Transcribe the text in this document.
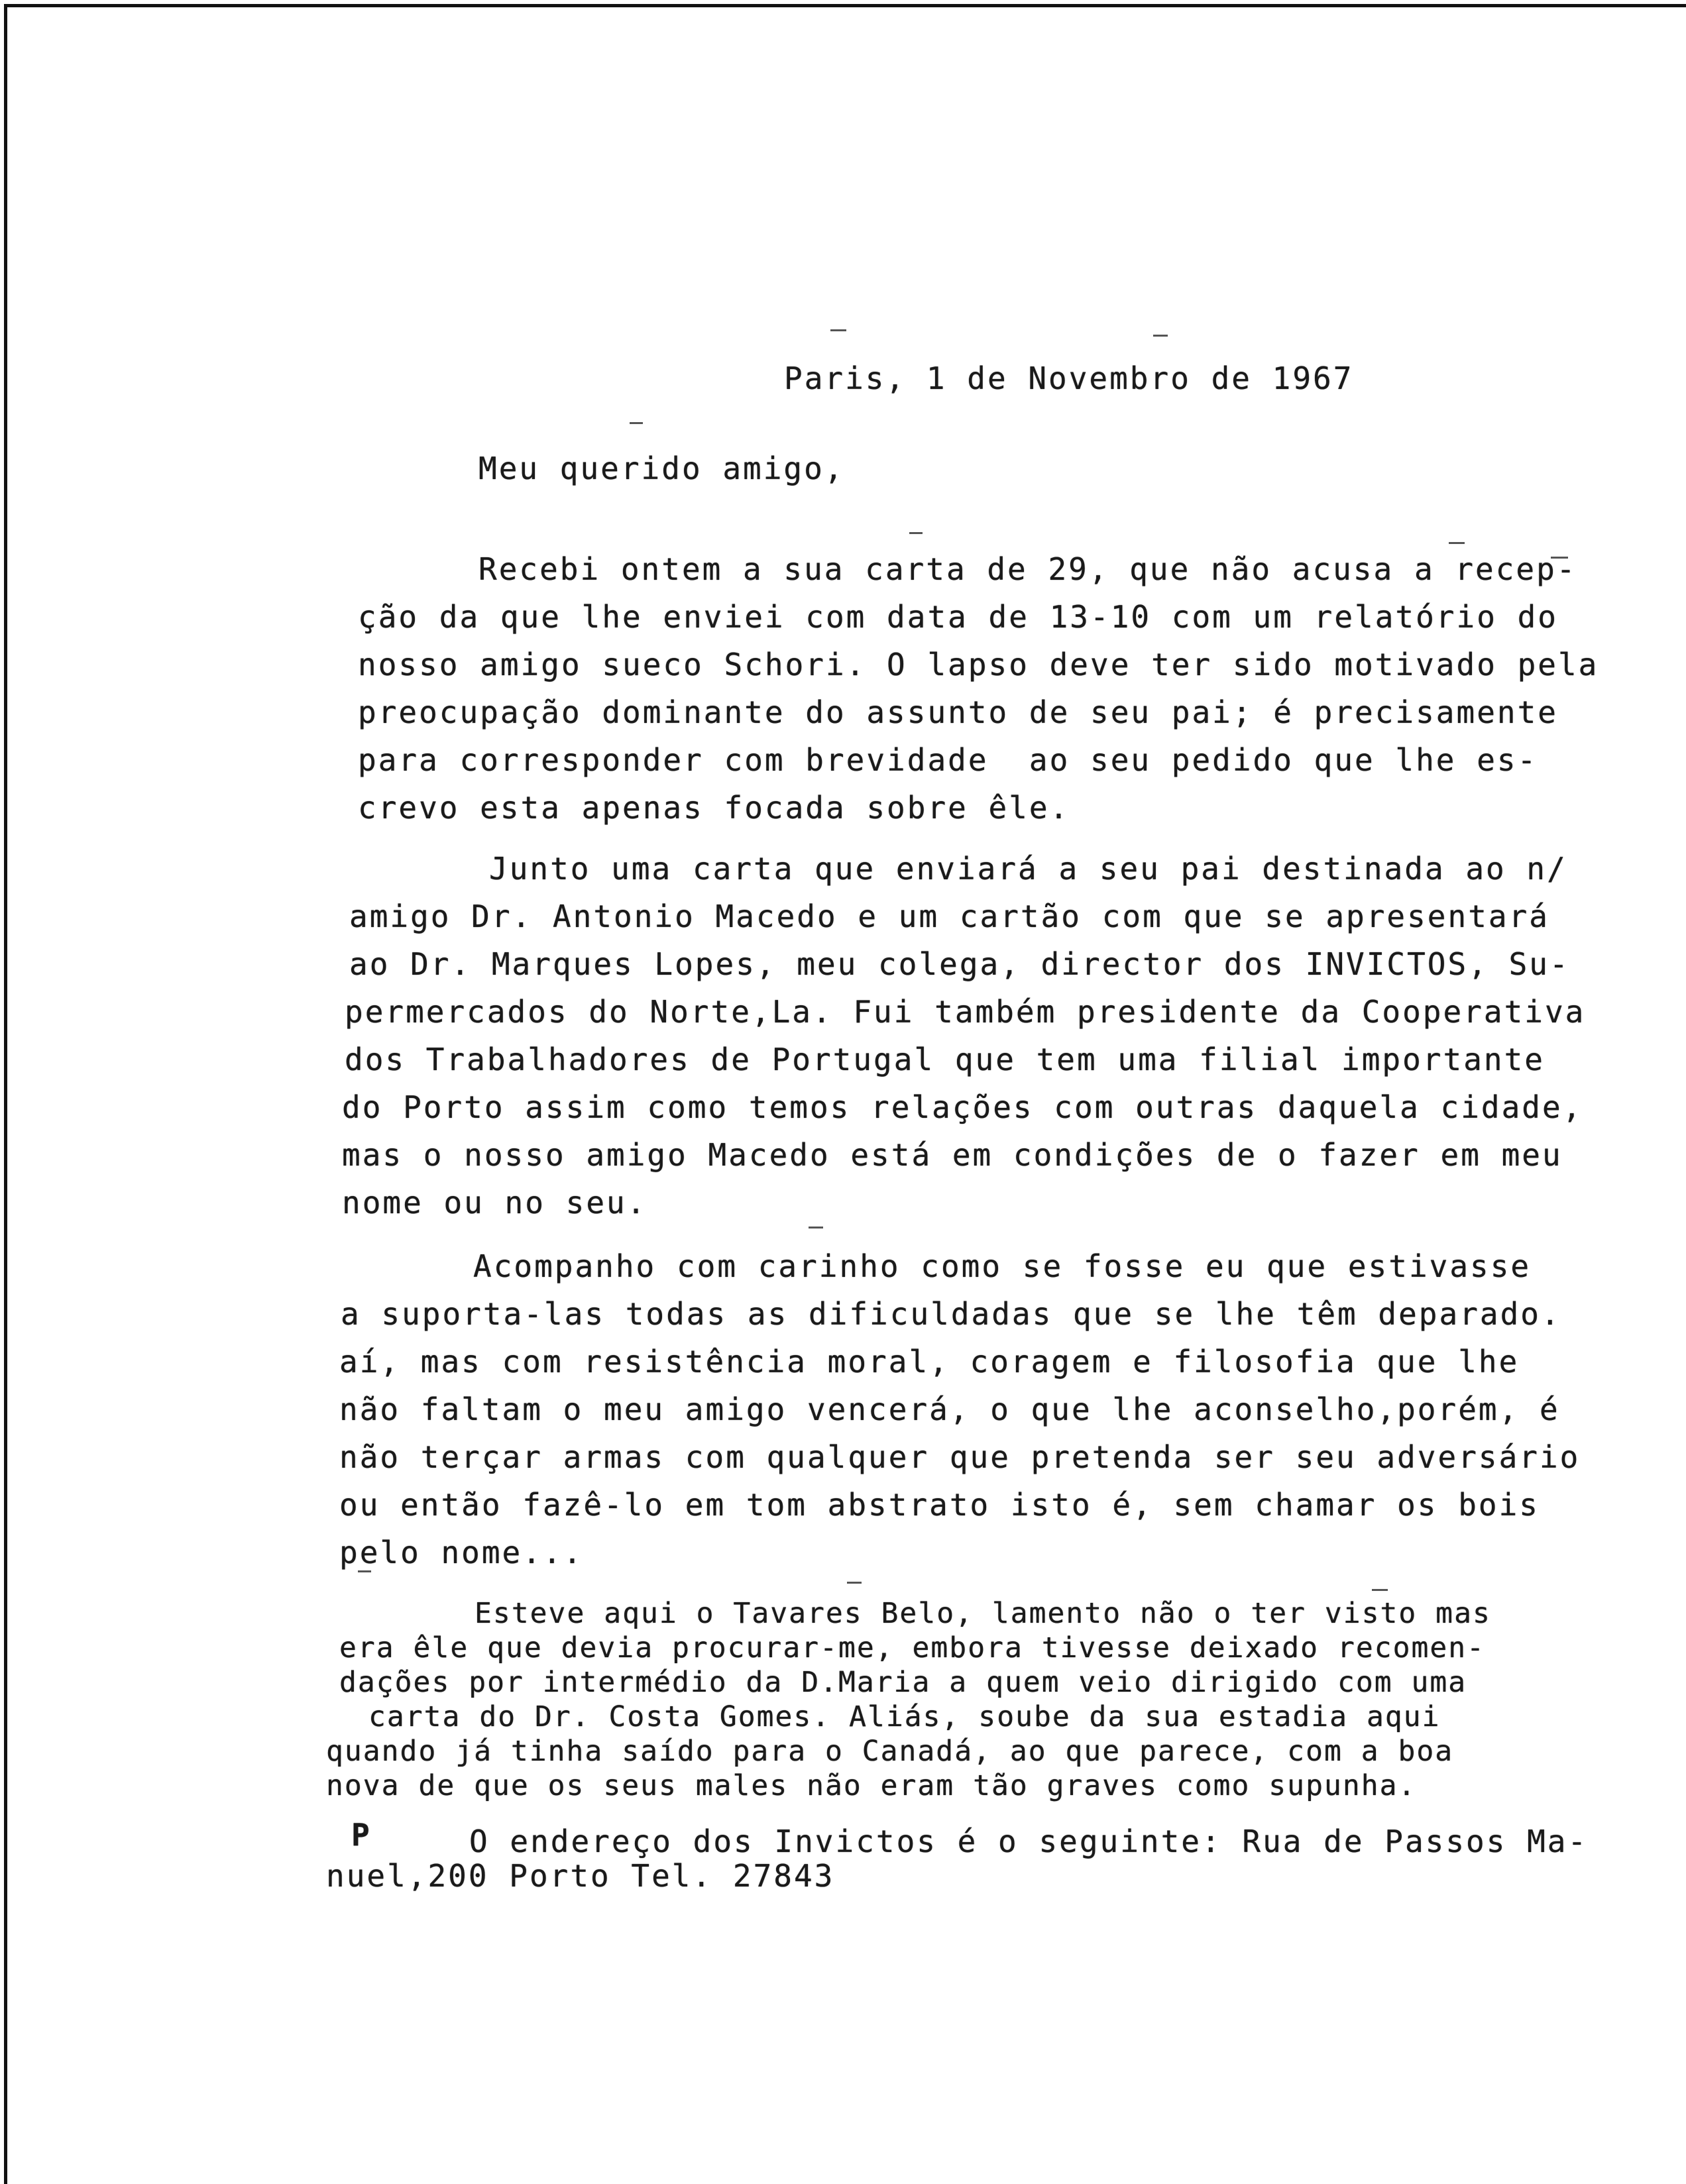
Paris, 1 de Novembro de 1967
Meu querido amigo,
Recebi ontem a sua carta de 29, que não acusa a recep-
ção da que lhe enviei com data de 13-10 com um relatório do
nosso amigo sueco Schori. O lapso deve ter sido motivado pela
preocupação dominante do assunto de seu pai; é precisamente
para corresponder com brevidade  ao seu pedido que lhe es-
crevo esta apenas focada sobre êle.
Junto uma carta que enviará a seu pai destinada ao n/
amigo Dr. Antonio Macedo e um cartão com que se apresentará
ao Dr. Marques Lopes, meu colega, director dos INVICTOS, Su-
permercados do Norte,La. Fui também presidente da Cooperativa
dos Trabalhadores de Portugal que tem uma filial importante
do Porto assim como temos relações com outras daquela cidade,
mas o nosso amigo Macedo está em condições de o fazer em meu
nome ou no seu.
Acompanho com carinho como se fosse eu que estivasse
a suporta-las todas as dificuldadas que se lhe têm deparado.
aí, mas com resistência moral, coragem e filosofia que lhe
não faltam o meu amigo vencerá, o que lhe aconselho,porém, é
não terçar armas com qualquer que pretenda ser seu adversário
ou então fazê-lo em tom abstrato isto é, sem chamar os bois
pelo nome...
Esteve aqui o Tavares Belo, lamento não o ter visto mas
era êle que devia procurar-me, embora tivesse deixado recomen-
dações por intermédio da D.Maria a quem veio dirigido com uma
carta do Dr. Costa Gomes. Aliás, soube da sua estadia aqui
quando já tinha saído para o Canadá, ao que parece, com a boa
nova de que os seus males não eram tão graves como supunha.
P	O endereço dos Invictos é o seguinte: Rua de Passos Ma-
nuel,200 Porto Tel. 27843
